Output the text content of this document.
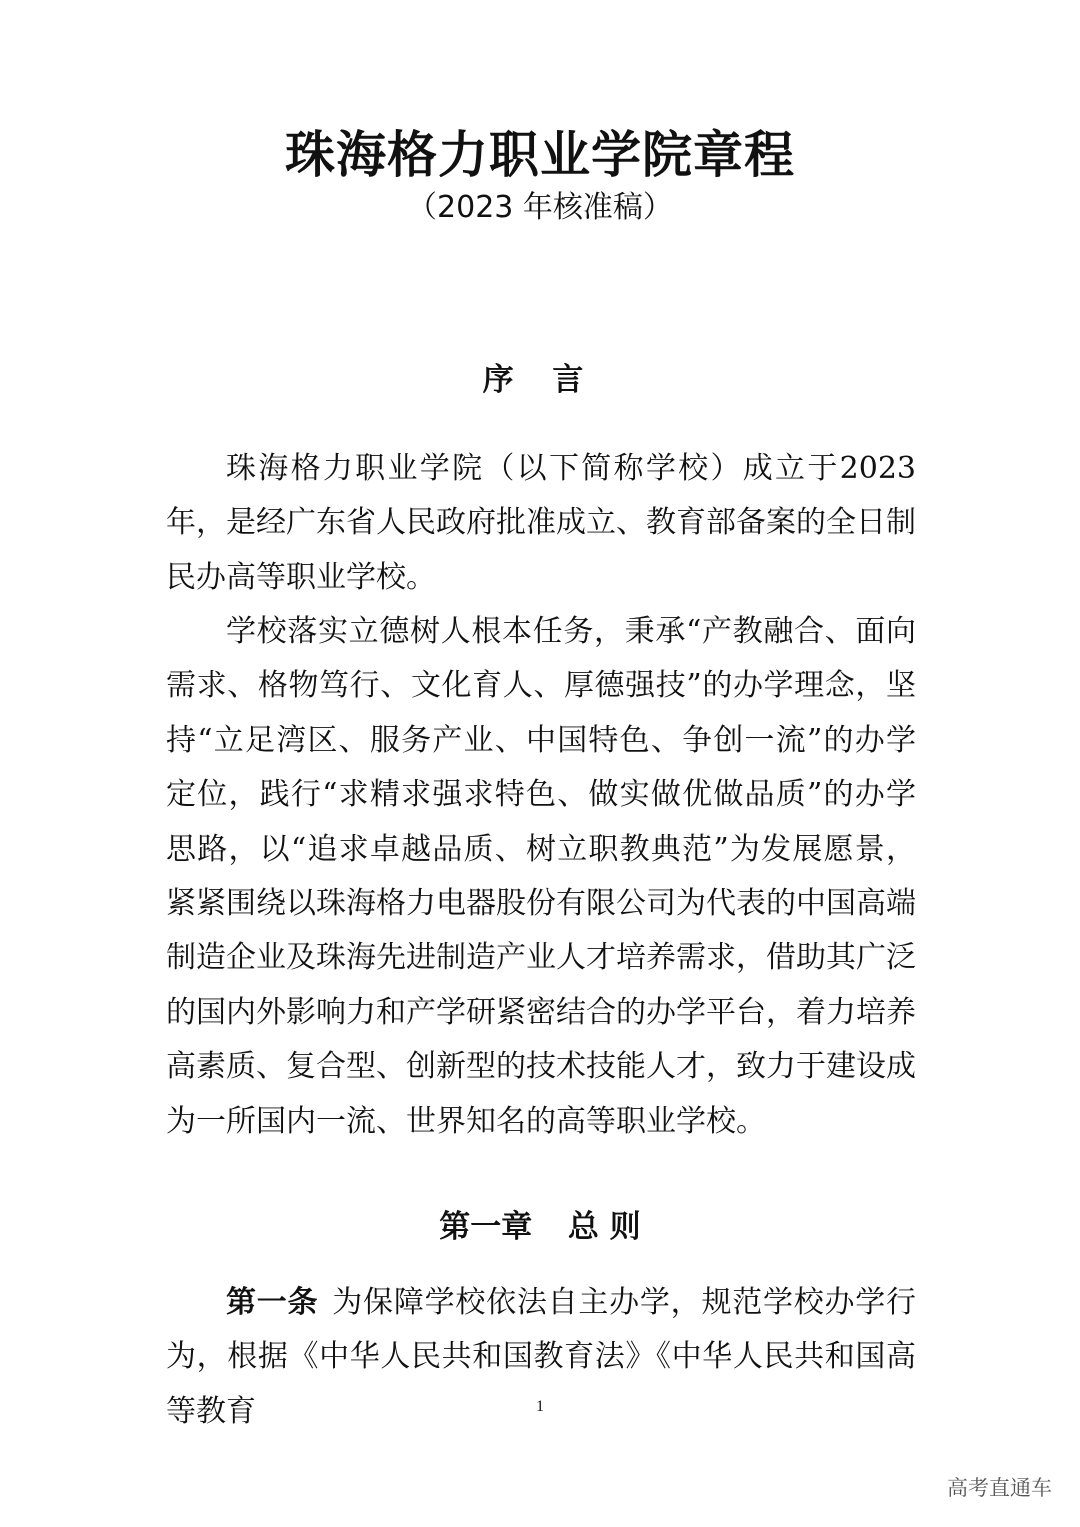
珠海格力职业学院章程
（2023 年核准稿）
序 言

珠海格力职业学院（以下简称学校）成立于2023年，是经广东省人民政府批准成立、教育部备案的全日制民办高等职业学校。

学校落实立德树人根本任务，秉承“产教融合、面向需求、格物笃行、文化育人、厚德强技”的办学理念，坚持“立足湾区、服务产业、中国特色、争创一流”的办学定位，践行“求精求强求特色、做实做优做品质”的办学思路，以“追求卓越品质、树立职教典范”为发展愿景，紧紧围绕以珠海格力电器股份有限公司为代表的中国高端制造企业及珠海先进制造产业人才培养需求，借助其广泛的国内外影响力和产学研紧密结合的办学平台，着力培养高素质、复合型、创新型的技术技能人才，致力于建设成为一所国内一流、世界知名的高等职业学校。

第一章 总 则

第一条 为保障学校依法自主办学，规范学校办学行为，根据《中华人民共和国教育法》《中华人民共和国高等教育	1
高考直通车
